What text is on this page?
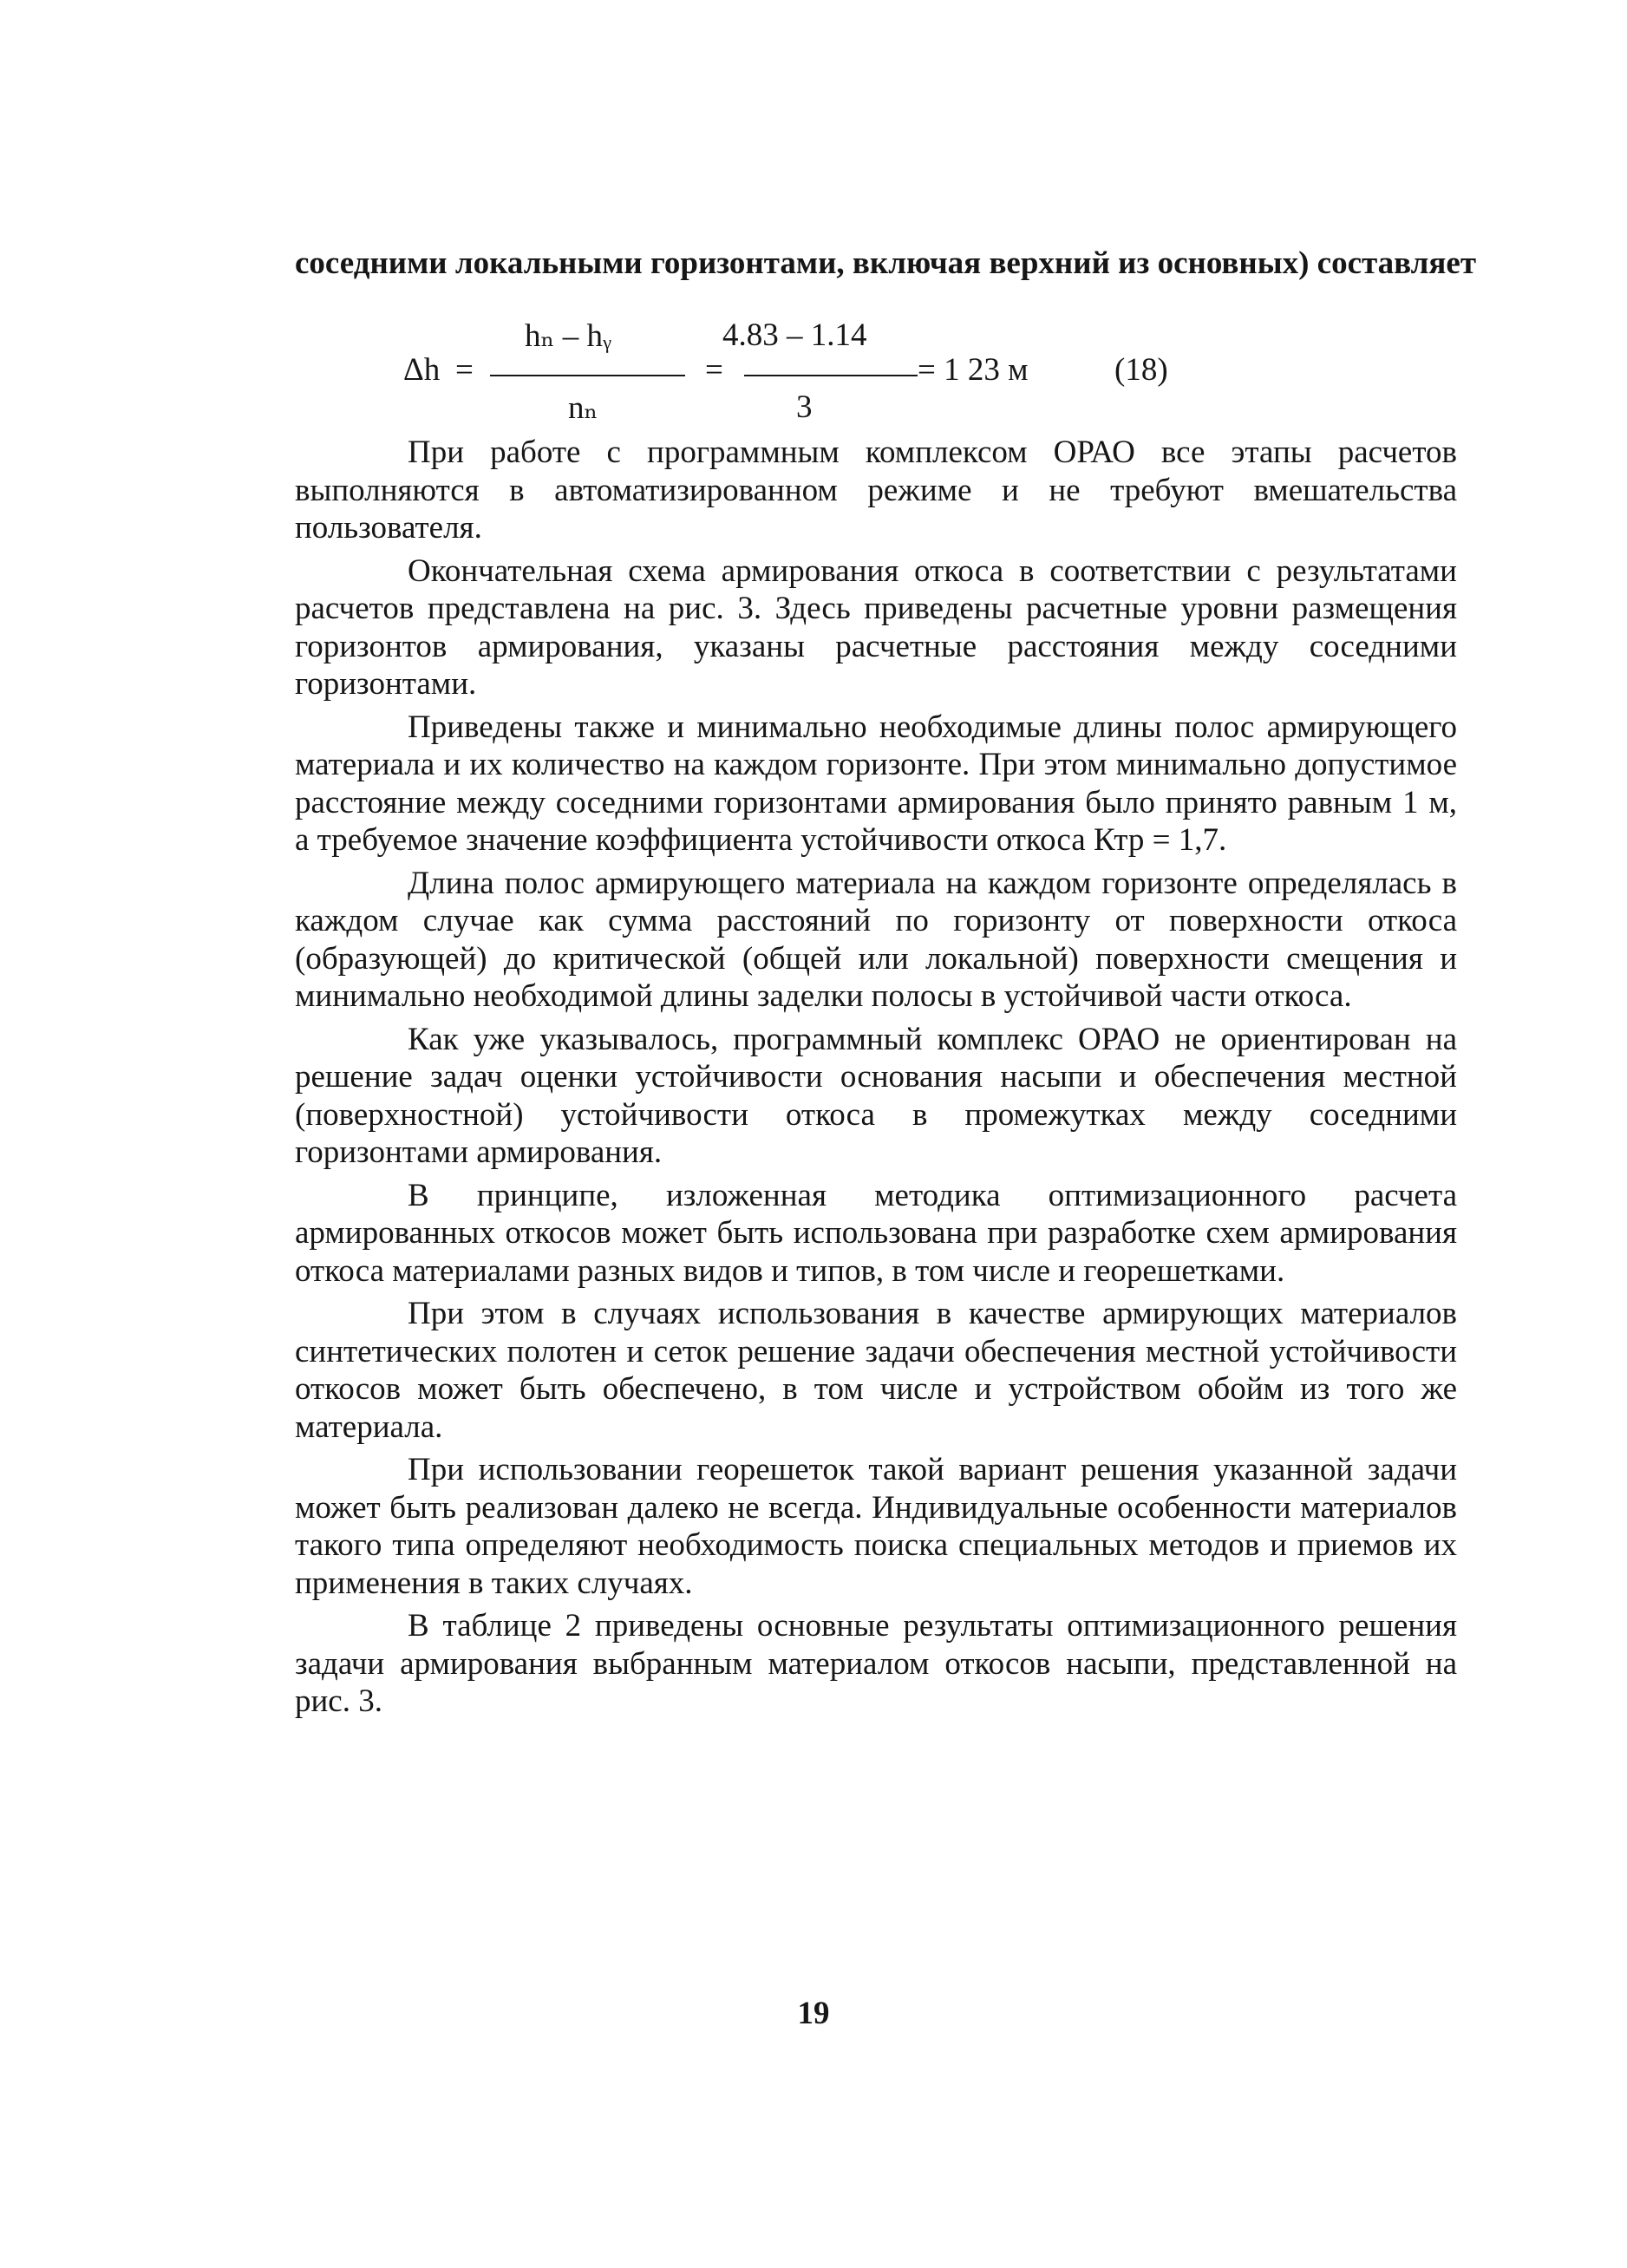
соседними локальными горизонтами, включая верхний из основных) составляет
Δh =
hₙ – hᵧ
nₙ
=
4.83 – 1.14
3
= 1 23 м	(18)

При работе с программным комплексом ОРАО все этапы расчетов выполняются в автоматизированном режиме и не требуют вмешательства пользователя.

Окончательная схема армирования откоса в соответствии с результатами расчетов представлена на рис. 3. Здесь приведены расчетные уровни размещения горизонтов армирования, указаны расчетные расстояния между соседними горизонтами.

Приведены также и минимально необходимые длины полос армирующего материала и их количество на каждом горизонте. При этом минимально допустимое расстояние между соседними горизонтами армирования было принято равным 1 м, а требуемое значение коэффициента устойчивости откоса Ктр = 1,7.

Длина полос армирующего материала на каждом горизонте определялась в каждом случае как сумма расстояний по горизонту от поверхности откоса (образующей) до критической (общей или локальной) поверхности смещения и минимально необходимой длины заделки полосы в устойчивой части откоса.

Как уже указывалось, программный комплекс ОРАО не ориентирован на решение задач оценки устойчивости основания насыпи и обеспечения местной (поверхностной) устойчивости откоса в промежутках между соседними горизонтами армирования.

В принципе, изложенная методика оптимизационного расчета армированных откосов может быть использована при разработке схем армирования откоса материалами разных видов и типов, в том числе и георешетками.

При этом в случаях использования в качестве армирующих материалов синтетических полотен и сеток решение задачи обеспечения местной устойчивости откосов может быть обеспечено, в том числе и устройством обойм из того же материала.

При использовании георешеток такой вариант решения указанной задачи может быть реализован далеко не всегда. Индивидуальные особенности материалов такого типа определяют необходимость поиска специальных методов и приемов их применения в таких случаях.

В таблице 2 приведены основные результаты оптимизационного решения задачи армирования выбранным материалом откосов насыпи, представленной на рис. 3.

19
